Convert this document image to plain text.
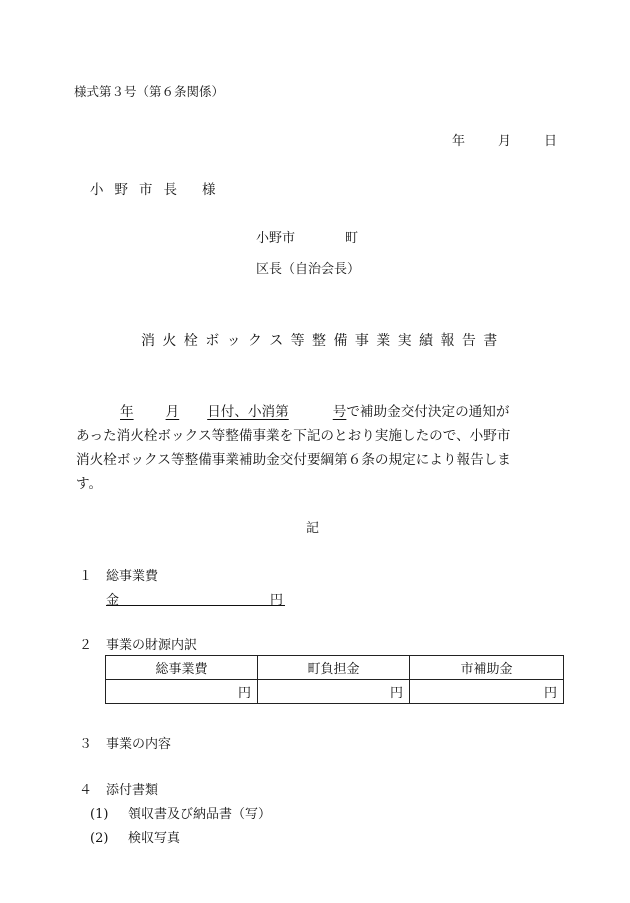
様式第３号（第６条関係）
年	月	日
小野市長 様
小野市	町
区長（自治会長）
消火栓ボックス等整備事業実績報告書
年 月 日付、小消第	号で補助金交付決定の通知が
あった消火栓ボックス等整備事業を下記のとおり実施したので、小野市
消火栓ボックス等整備事業補助金交付要綱第６条の規定により報告しま
す。
記
１ 総事業費
金	円
２ 事業の財源内訳
総事業費	町負担金	市補助金
円	円	円
３ 事業の内容
４ 添付書類
(1) 領収書及び納品書（写）
(2) 検収写真
